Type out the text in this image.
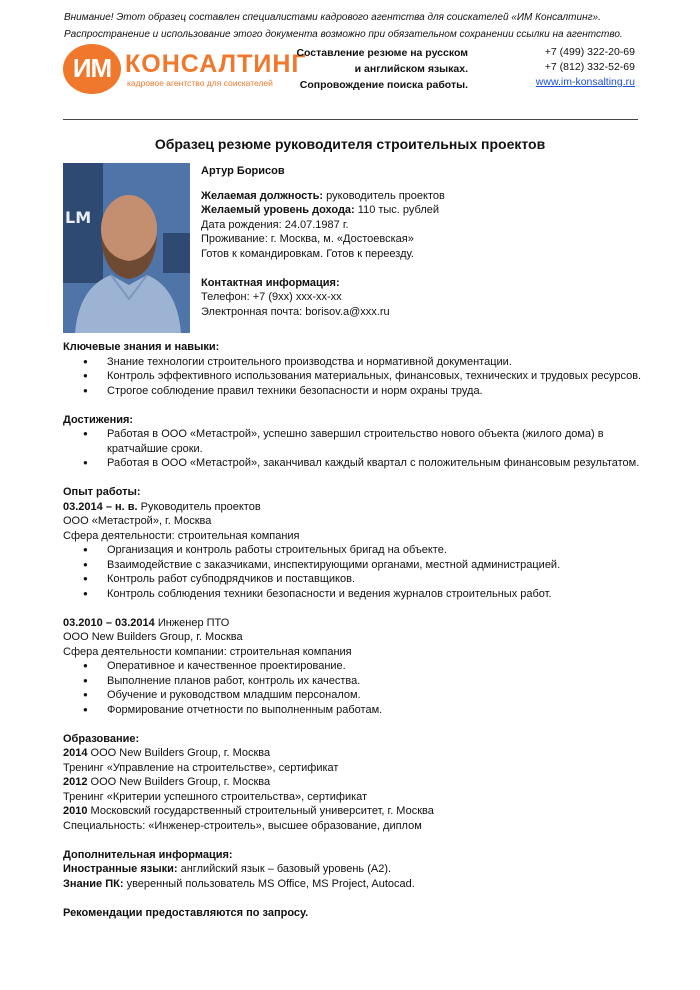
Внимание! Этот образец составлен специалистами кадрового агентства для соискателей «ИМ Консалтинг».
Распространение и использование этого документа возможно при обязательном сохранении ссылки на агентство.
ИМ КОНСАЛТИНГ
кадровое агентство для соискателей
Составление резюме на русском
и английском языках.
Сопровождение поиска работы.
+7 (499) 322-20-69
+7 (812) 332-52-69
www.im-konsalting.ru
Образец резюме руководителя строительных проектов
LM
Артур Борисов
Желаемая должность: руководитель проектов
Желаемый уровень дохода: 110 тыс. рублей
Дата рождения: 24.07.1987 г.
Проживание: г. Москва, м. «Достоевская»
Готов к командировкам. Готов к переезду.
Контактная информация:
Телефон: +7 (9хх) ххх-хх-хх
Электронная почта: borisov.a@xxx.ru
Ключевые знания и навыки:
● Знание технологии строительного производства и нормативной документации.
● Контроль эффективного использования материальных, финансовых, технических и трудовых ресурсов.
● Строгое соблюдение правил техники безопасности и норм охраны труда.
Достижения:
● Работая в ООО «Метастрой», успешно завершил строительство нового объекта (жилого дома) в кратчайшие сроки.
● Работая в ООО «Метастрой», заканчивал каждый квартал с положительным финансовым результатом.
Опыт работы:
03.2014 – н. в. Руководитель проектов
ООО «Метастрой», г. Москва
Сфера деятельности: строительная компания
● Организация и контроль работы строительных бригад на объекте.
● Взаимодействие с заказчиками, инспектирующими органами, местной администрацией.
● Контроль работ субподрядчиков и поставщиков.
● Контроль соблюдения техники безопасности и ведения журналов строительных работ.
03.2010 – 03.2014 Инженер ПТО
ООО New Builders Group, г. Москва
Сфера деятельности компании: строительная компания
● Оперативное и качественное проектирование.
● Выполнение планов работ, контроль их качества.
● Обучение и руководством младшим персоналом.
● Формирование отчетности по выполненным работам.
Образование:
2014 ООО New Builders Group, г. Москва
Тренинг «Управление на строительстве», сертификат
2012 ООО New Builders Group, г. Москва
Тренинг «Критерии успешного строительства», сертификат
2010 Московский государственный строительный университет, г. Москва
Специальность: «Инженер-строитель», высшее образование, диплом
Дополнительная информация:
Иностранные языки: английский язык – базовый уровень (А2).
Знание ПК: уверенный пользователь MS Office, MS Project, Autocad.
Рекомендации предоставляются по запросу.
